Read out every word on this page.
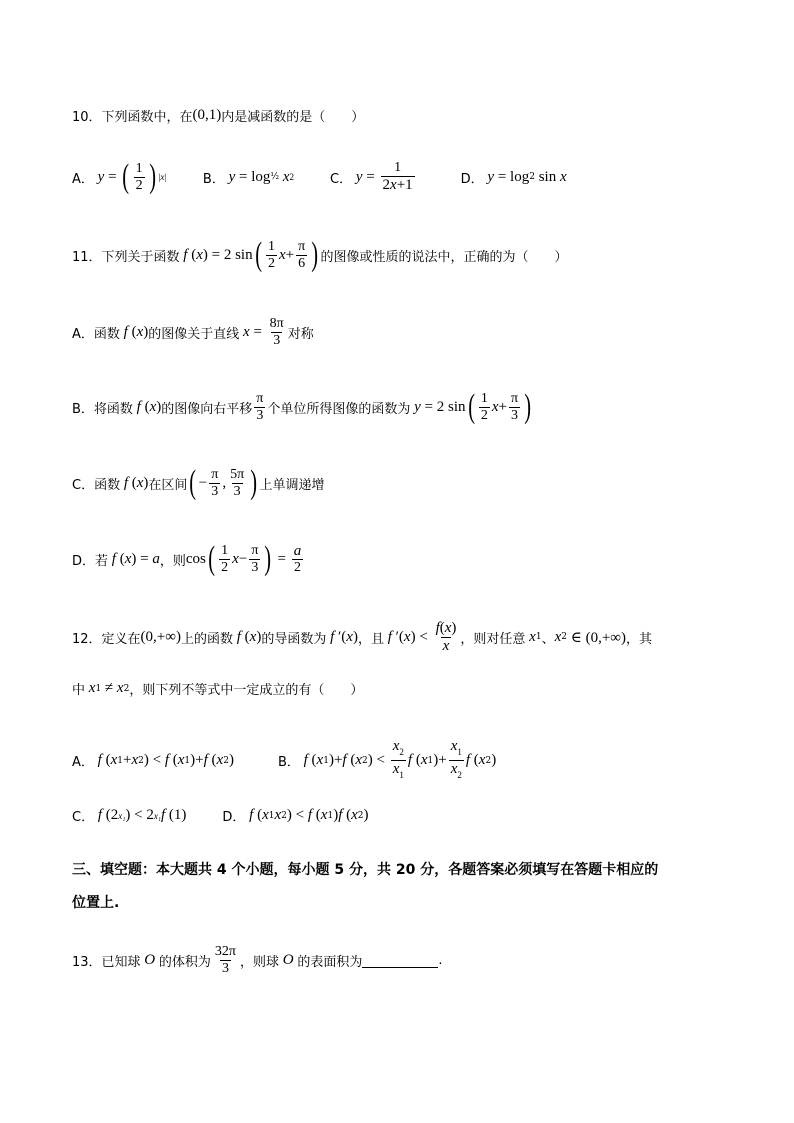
10．下列函数中，在 (0,1) 内是减函数的是（　　）
A． y = ( $\frac{1}{2}$ ) |x|	B． y = log ½ x 2	C． $y = \frac{1}{2x+1}$	D． y = log 2 sin x
11．下列关于函数 f ( x ) = 2 sin ( $\frac{1}{2}$ $x + \frac{\pi}{6}$ ) 的图像或性质的说法中，正确的为（　　）
A．函数 f ( x ) 的图像关于直线 $x = \frac{8\pi}{3}$ 对称
B．将函数 f ( x ) 的图像向右平移 $\frac{\pi}{3}$ 个单位所得图像的函数为 y = 2 sin ( $\frac{1}{2}$ $x + \frac{\pi}{3}$ )
C．函数 f ( x ) 在区间 ( − $\frac{\pi}{3}$ , $\frac{5\pi}{3}$ ) 上单调递增
D．若 f ( x ) = a ，则 cos ( $\frac{1}{2}$ $x - \frac{\pi}{3}$ ) = $\frac{a}{2}$
12．定义在 (0,+∞) 上的函数 f ( x ) 的导函数为 f ′( x ) ，且 f ′( x ) < $\frac{f(x)}{x}$ ，则对任意 x 1 、 x 2 ∈ (0,+∞) ，其
中 x 1 ≠ x 2 ，则下列不等式中一定成立的有（　　）
A． f ( x 1 + x 2 ) < f ( x 1 )+ f ( x 2 )	B． f ( x 1 )+ f ( x 2 ) < $\frac{x_2}{x_1}$ f ( x 1 )+ $\frac{x_1}{x_2}$ f ( x 2 )
C． f (2 x₁ ) < 2 x₁ f (1)	D． f ( x 1 x 2 ) < f ( x 1 ) f ( x 2 )
三、填空题：本大题共 4 个小题，每小题 5 分，共 20 分，各题答案必须填写在答题卡相应的
位置上.
13．已知球 O 的体积为 $\frac{32\pi}{3}$ ，则球 O 的表面积为	.
